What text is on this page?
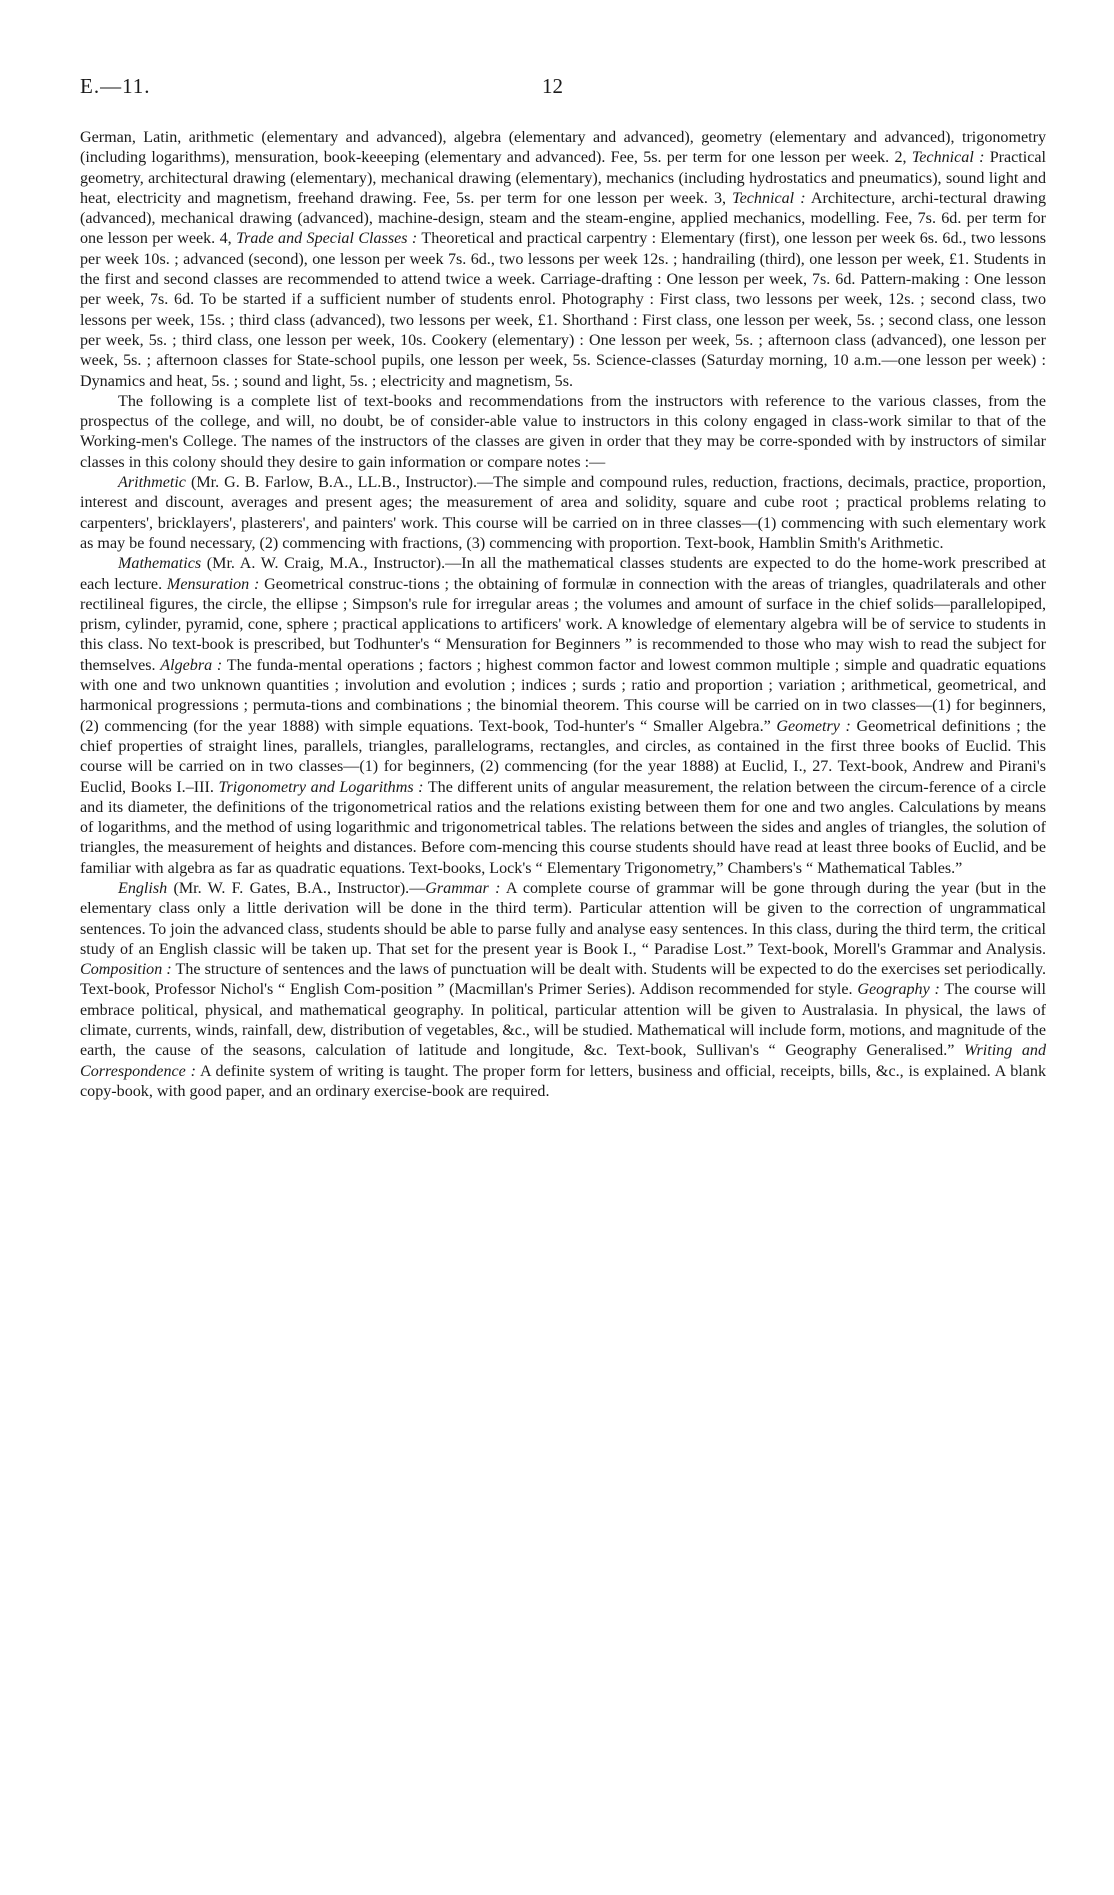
E.—11.	12

German, Latin, arithmetic (elementary and advanced), algebra (elementary and advanced), geometry (elementary and advanced), trigonometry (including logarithms), mensuration, book-keeeping (elementary and advanced). Fee, 5s. per term for one lesson per week. 2, Technical : Practical geometry, architectural drawing (elementary), mechanical drawing (elementary), mechanics (including hydrostatics and pneumatics), sound light and heat, electricity and magnetism, freehand drawing. Fee, 5s. per term for one lesson per week. 3, Technical : Architecture, archi-tectural drawing (advanced), mechanical drawing (advanced), machine-design, steam and the steam-engine, applied mechanics, modelling. Fee, 7s. 6d. per term for one lesson per week. 4, Trade and Special Classes : Theoretical and practical carpentry : Elementary (first), one lesson per week 6s. 6d., two lessons per week 10s. ; advanced (second), one lesson per week 7s. 6d., two lessons per week 12s. ; handrailing (third), one lesson per week, £1. Students in the first and second classes are recommended to attend twice a week. Carriage-drafting : One lesson per week, 7s. 6d. Pattern-making : One lesson per week, 7s. 6d. To be started if a sufficient number of students enrol. Photography : First class, two lessons per week, 12s. ; second class, two lessons per week, 15s. ; third class (advanced), two lessons per week, £1. Shorthand : First class, one lesson per week, 5s. ; second class, one lesson per week, 5s. ; third class, one lesson per week, 10s. Cookery (elementary) : One lesson per week, 5s. ; afternoon class (advanced), one lesson per week, 5s. ; afternoon classes for State-school pupils, one lesson per week, 5s. Science-classes (Saturday morning, 10 a.m.—one lesson per week) : Dynamics and heat, 5s. ; sound and light, 5s. ; electricity and magnetism, 5s.

The following is a complete list of text-books and recommendations from the instructors with reference to the various classes, from the prospectus of the college, and will, no doubt, be of consider-able value to instructors in this colony engaged in class-work similar to that of the Working-men's College. The names of the instructors of the classes are given in order that they may be corre-sponded with by instructors of similar classes in this colony should they desire to gain information or compare notes :—

Arithmetic (Mr. G. B. Farlow, B.A., LL.B., Instructor).—The simple and compound rules, reduction, fractions, decimals, practice, proportion, interest and discount, averages and present ages; the measurement of area and solidity, square and cube root ; practical problems relating to carpenters', bricklayers', plasterers', and painters' work. This course will be carried on in three classes—(1) commencing with such elementary work as may be found necessary, (2) commencing with fractions, (3) commencing with proportion. Text-book, Hamblin Smith's Arithmetic.

Mathematics (Mr. A. W. Craig, M.A., Instructor).—In all the mathematical classes students are expected to do the home-work prescribed at each lecture. Mensuration : Geometrical construc-tions ; the obtaining of formulæ in connection with the areas of triangles, quadrilaterals and other rectilineal figures, the circle, the ellipse ; Simpson's rule for irregular areas ; the volumes and amount of surface in the chief solids—parallelopiped, prism, cylinder, pyramid, cone, sphere ; practical applications to artificers' work. A knowledge of elementary algebra will be of service to students in this class. No text-book is prescribed, but Todhunter's “ Mensuration for Beginners ” is recommended to those who may wish to read the subject for themselves. Algebra : The funda-mental operations ; factors ; highest common factor and lowest common multiple ; simple and quadratic equations with one and two unknown quantities ; involution and evolution ; indices ; surds ; ratio and proportion ; variation ; arithmetical, geometrical, and harmonical progressions ; permuta-tions and combinations ; the binomial theorem. This course will be carried on in two classes—(1) for beginners, (2) commencing (for the year 1888) with simple equations. Text-book, Tod-hunter's “ Smaller Algebra.” Geometry : Geometrical definitions ; the chief properties of straight lines, parallels, triangles, parallelograms, rectangles, and circles, as contained in the first three books of Euclid. This course will be carried on in two classes—(1) for beginners, (2) commencing (for the year 1888) at Euclid, I., 27. Text-book, Andrew and Pirani's Euclid, Books I.–III. Trigonometry and Logarithms : The different units of angular measurement, the relation between the circum-ference of a circle and its diameter, the definitions of the trigonometrical ratios and the relations existing between them for one and two angles. Calculations by means of logarithms, and the method of using logarithmic and trigonometrical tables. The relations between the sides and angles of triangles, the solution of triangles, the measurement of heights and distances. Before com-mencing this course students should have read at least three books of Euclid, and be familiar with algebra as far as quadratic equations. Text-books, Lock's “ Elementary Trigonometry,” Chambers's “ Mathematical Tables.”

English (Mr. W. F. Gates, B.A., Instructor).—Grammar : A complete course of grammar will be gone through during the year (but in the elementary class only a little derivation will be done in the third term). Particular attention will be given to the correction of ungrammatical sentences. To join the advanced class, students should be able to parse fully and analyse easy sentences. In this class, during the third term, the critical study of an English classic will be taken up. That set for the present year is Book I., “ Paradise Lost.” Text-book, Morell's Grammar and Analysis. Composition : The structure of sentences and the laws of punctuation will be dealt with. Students will be expected to do the exercises set periodically. Text-book, Professor Nichol's “ English Com-position ” (Macmillan's Primer Series). Addison recommended for style. Geography : The course will embrace political, physical, and mathematical geography. In political, particular attention will be given to Australasia. In physical, the laws of climate, currents, winds, rainfall, dew, distribution of vegetables, &c., will be studied. Mathematical will include form, motions, and magnitude of the earth, the cause of the seasons, calculation of latitude and longitude, &c. Text-book, Sullivan's “ Geography Generalised.” Writing and Correspondence : A definite system of writing is taught. The proper form for letters, business and official, receipts, bills, &c., is explained. A blank copy-book, with good paper, and an ordinary exercise-book are required.
